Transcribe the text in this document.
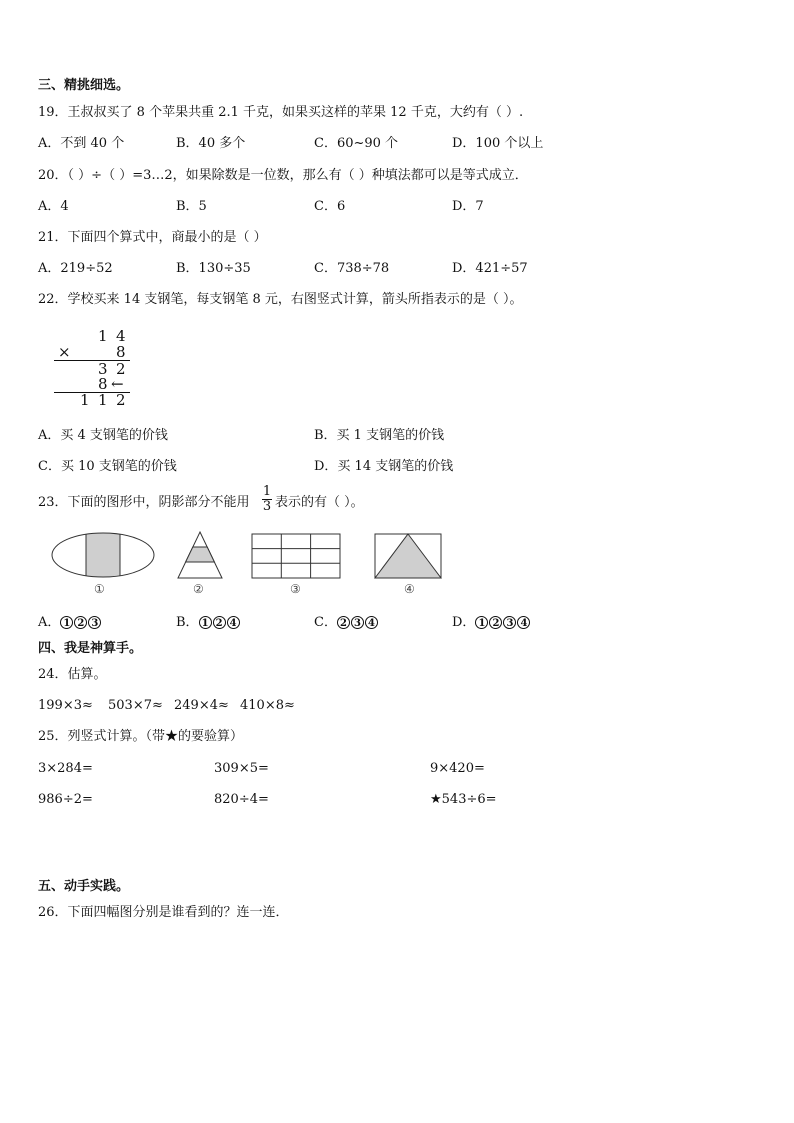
三、精挑细选。
19．王叔叔买了 8 个苹果共重 2.1 千克，如果买这样的苹果 12 千克，大约有（ ）.
A．不到 40 个	B．40 多个	C．60~90 个	D．100 个以上
20．（ ）÷（ ）=3…2，如果除数是一位数，那么有（ ）种填法都可以是等式成立．
A．4	B．5	C．6	D．7
21．下面四个算式中，商最小的是（ ）
A．219÷52	B．130÷35	C．738÷78	D．421÷57
22．学校买来 14 支钢笔，每支钢笔 8 元，右图竖式计算，箭头所指表示的是（ ）。
1 4
×	8
3 2
8 ←
1 1 2
A．买 4 支钢笔的价钱	B．买 1 支钢笔的价钱
C．买 10 支钢笔的价钱	D．买 14 支钢笔的价钱
23．下面的图形中，阴影部分不能用
1
3 表示的有（ ）。
①	②	③	④
A． 1 2 3	B． 1 2 4	C． 2 3 4	D． 1 2 3 4
四、我是神算手。
24．估算。
199×3≈ 503×7≈ 249×4≈ 410×8≈
25．列竖式计算。（带★的要验算）
3×284=	309×5=	9×420=
986÷2=	820÷4=	★543÷6=
五、动手实践。
26．下面四幅图分别是谁看到的？连一连．
